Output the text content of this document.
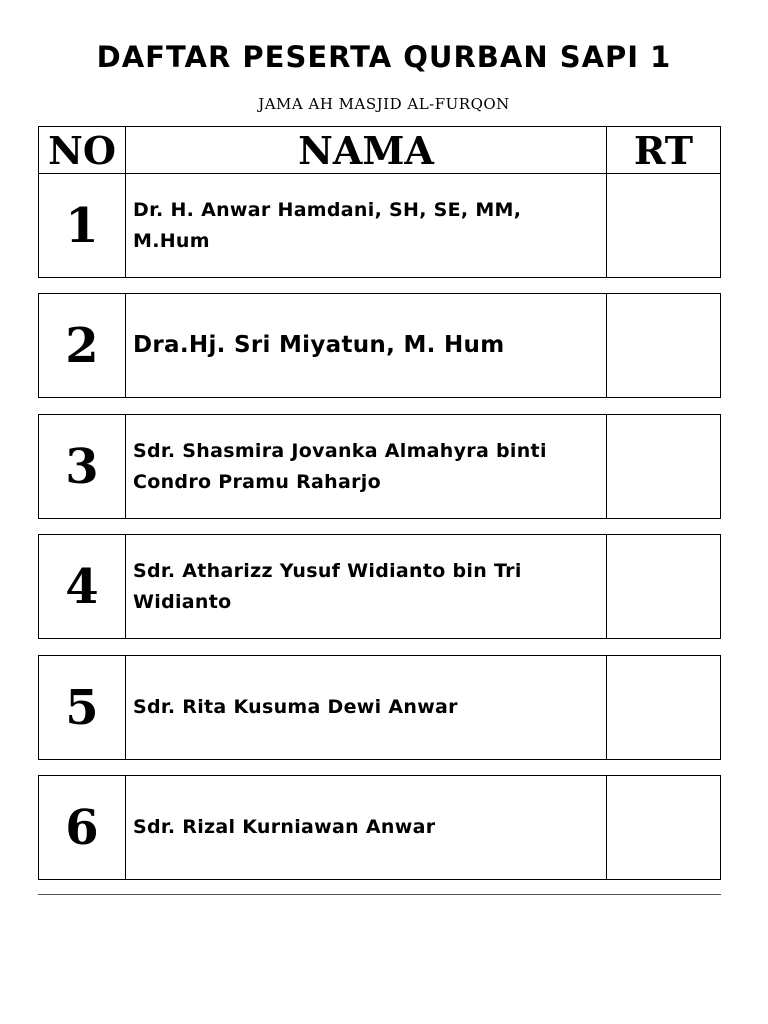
DAFTAR PESERTA QURBAN SAPI 1
JAMA AH MASJID AL-FURQON
NO	NAMA	RT
1	Dr. H. Anwar Hamdani, SH, SE, MM, M.Hum
2	Dra.Hj. Sri Miyatun, M. Hum
3	Sdr. Shasmira Jovanka Almahyra binti Condro Pramu Raharjo
4	Sdr. Atharizz Yusuf Widianto bin Tri Widianto
5	Sdr. Rita Kusuma Dewi Anwar
6	Sdr. Rizal Kurniawan Anwar
